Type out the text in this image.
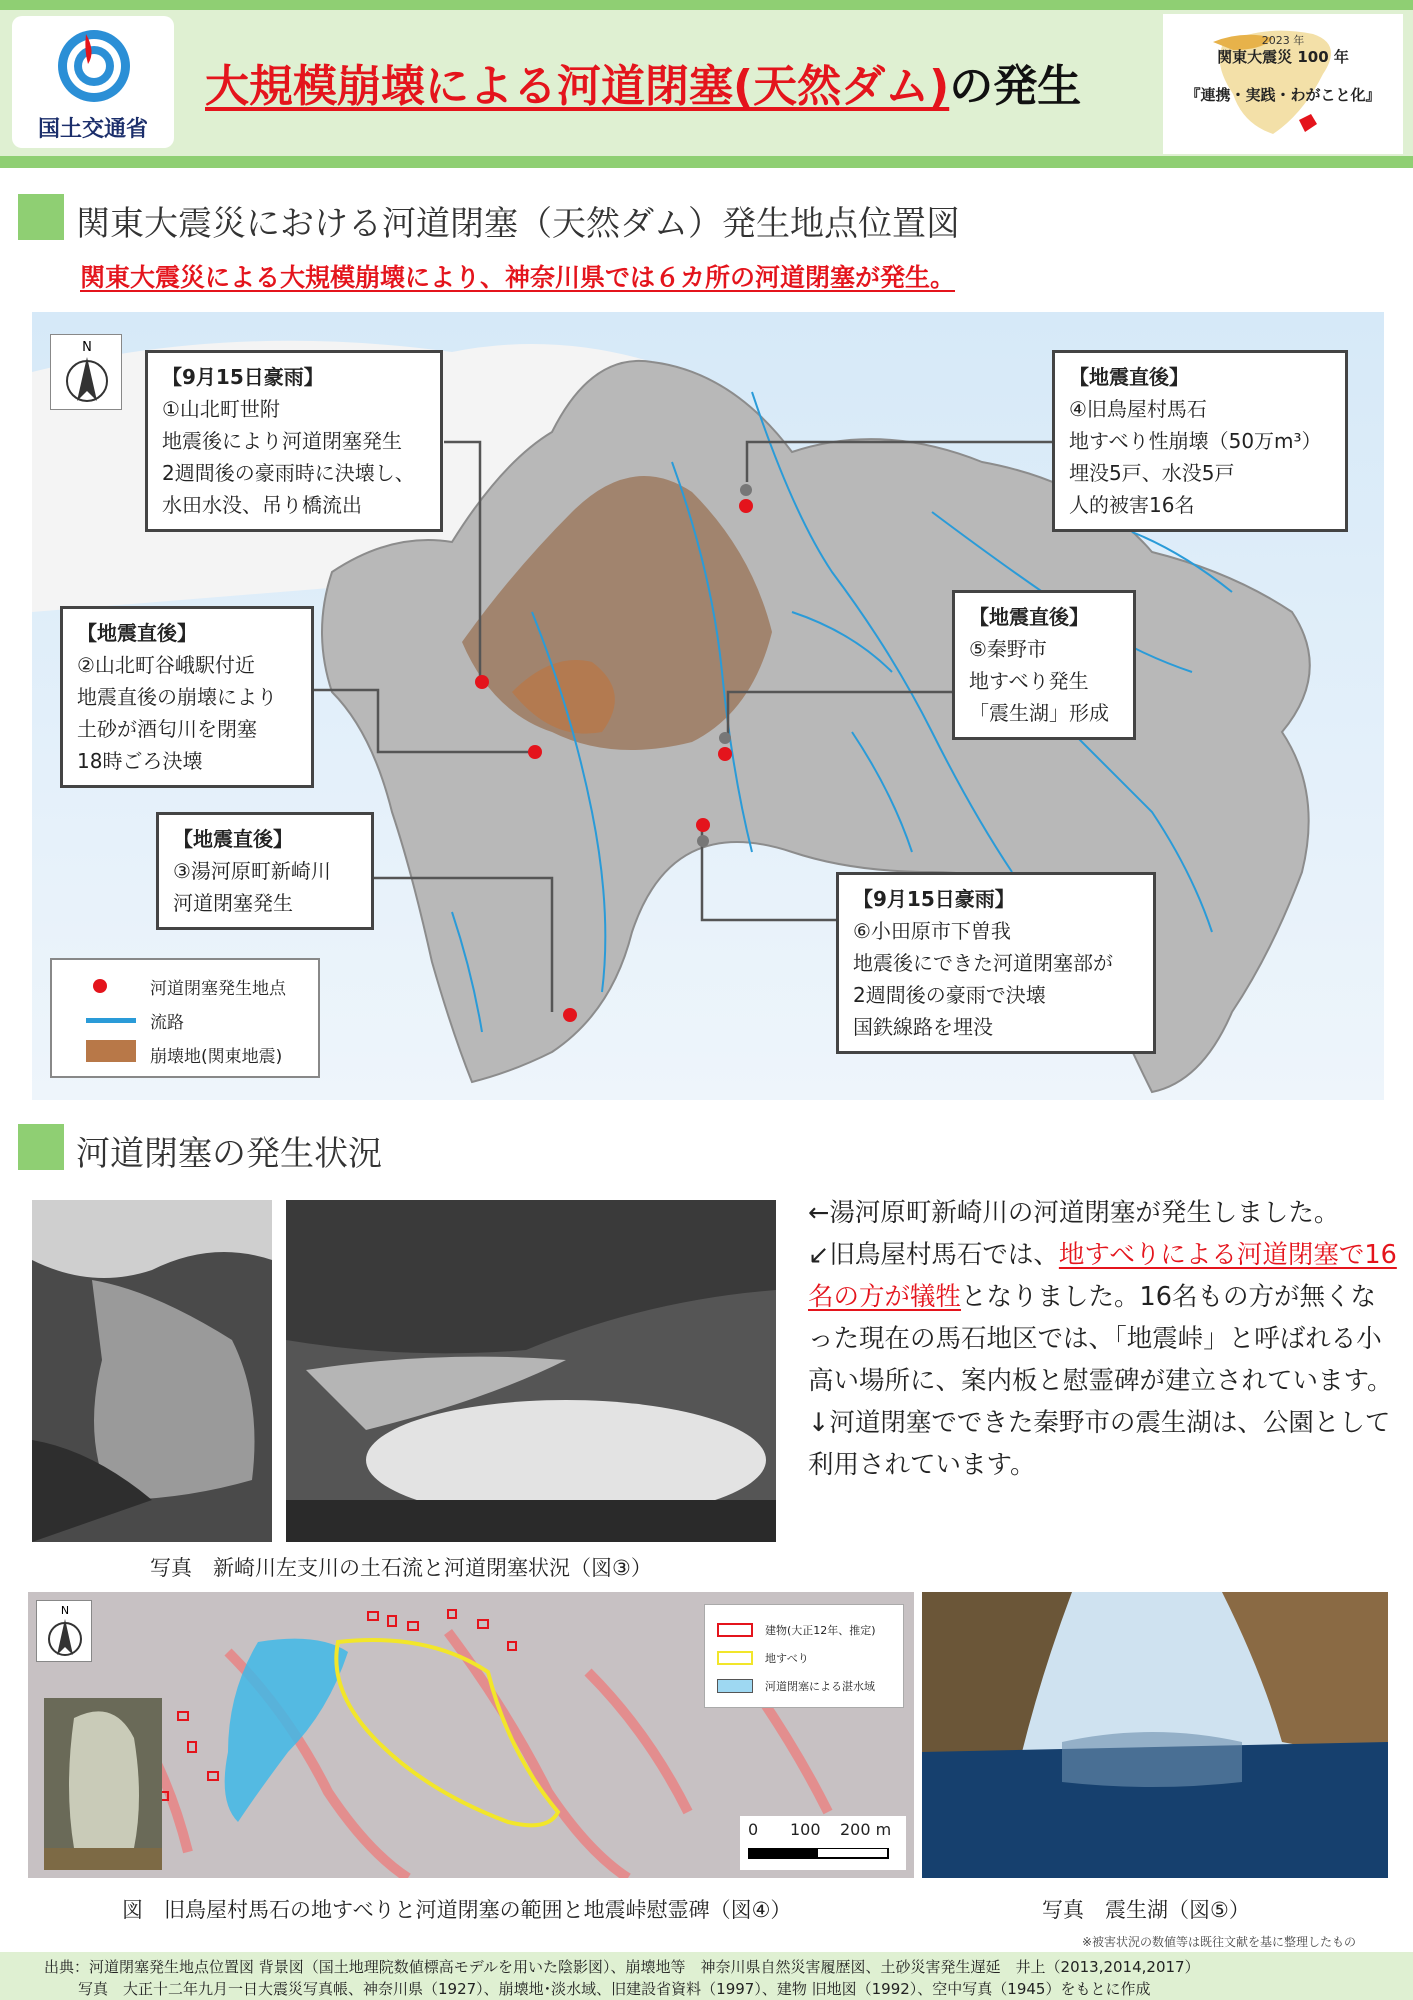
国土交通省
大規模崩壊による河道閉塞(天然ダム)の発生
2023 年
関東大震災 100 年
『連携・実践・わがこと化』
関東大震災における河道閉塞（天然ダム）発生地点位置図
関東大震災による大規模崩壊により、神奈川県では６カ所の河道閉塞が発生。
N
【9月15日豪雨】
①山北町世附
地震後により河道閉塞発生
2週間後の豪雨時に決壊し、
水田水没、吊り橋流出
【地震直後】
②山北町谷峨駅付近
地震直後の崩壊により
土砂が酒匂川を閉塞
18時ごろ決壊
【地震直後】
③湯河原町新崎川
河道閉塞発生
【地震直後】
④旧鳥屋村馬石
地すべり性崩壊（50万m³）
埋没5戸、水没5戸
人的被害16名
【地震直後】
⑤秦野市
地すべり発生
「震生湖」形成
【9月15日豪雨】
⑥小田原市下曽我
地震後にできた河道閉塞部が
2週間後の豪雨で決壊
国鉄線路を埋没
河道閉塞発生地点
流路
崩壊地(関東地震)
河道閉塞の発生状況
写真　新崎川左支川の土石流と河道閉塞状況（図③）
←湯河原町新崎川の河道閉塞が発生しました。
↙旧鳥屋村馬石では、地すべりによる河道閉塞で16名の方が犠牲となりました。16名もの方が無くなった現在の馬石地区では、「地震峠」と呼ばれる小高い場所に、案内板と慰霊碑が建立されています。
↓河道閉塞でできた秦野市の震生湖は、公園として利用されています。
N
建物(大正12年、推定)
地すべり
河道閉塞による湛水域
0 100 200 m
図　旧鳥屋村馬石の地すべりと河道閉塞の範囲と地震峠慰霊碑（図④）	写真　震生湖（図⑤）
※被害状況の数値等は既往文献を基に整理したもの
出典：河道閉塞発生地点位置図 背景図（国土地理院数値標高モデルを用いた陰影図）、崩壊地等　神奈川県自然災害履歴図、土砂災害発生遅延　井上（2013,2014,2017）
写真　大正十二年九月一日大震災写真帳、神奈川県（1927）、崩壊地･淡水域、旧建設省資料（1997）、建物 旧地図（1992）、空中写真（1945）をもとに作成
